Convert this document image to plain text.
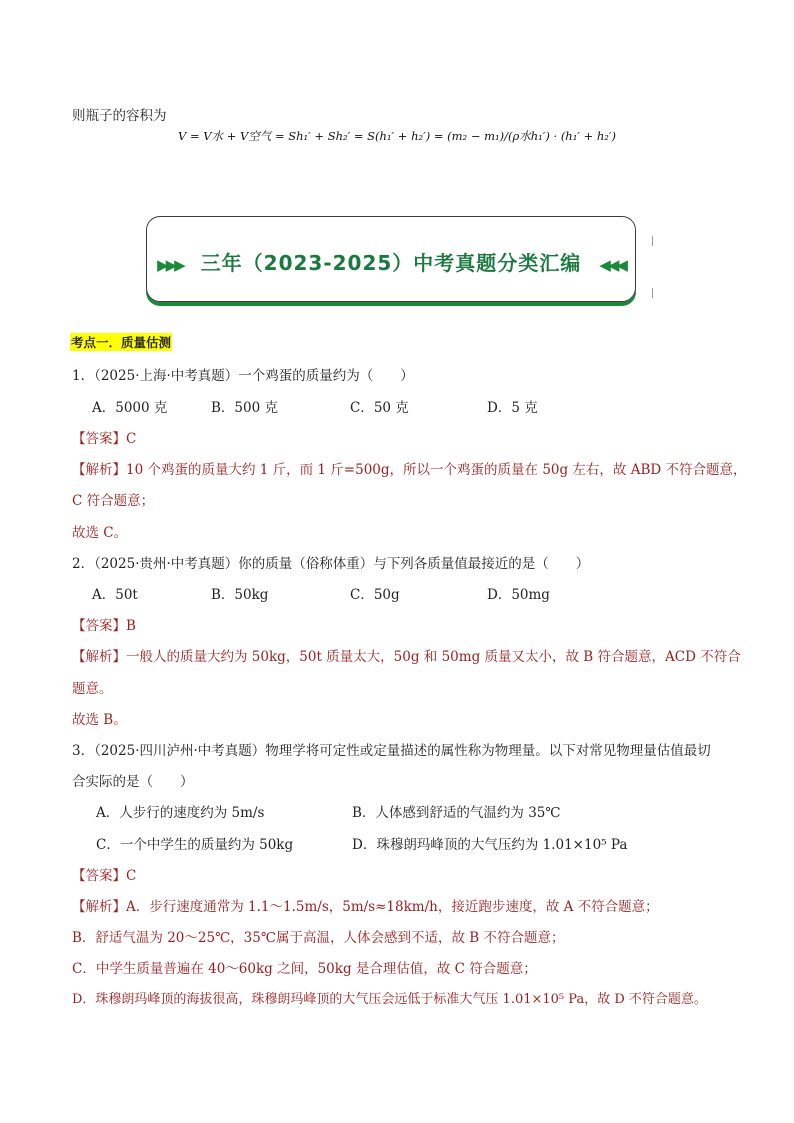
则瓶子的容积为
V = V水 + V空气 = Sh₁′ + Sh₂′ = S(h₁′ + h₂′) = (m₂ − m₁)/(ρ水h₁′) · (h₁′ + h₂′)
▶▶▶ 三年（2023-2025）中考真题分类汇编 ◀◀◀
考点一．质量估测
1．（2025·上海·中考真题）一个鸡蛋的质量约为（　　）
A．5000 克	B．500 克	C．50 克	D．5 克
【答案】C
【解析】10 个鸡蛋的质量大约 1 斤，而 1 斤=500g，所以一个鸡蛋的质量在 50g 左右，故 ABD 不符合题意，
C 符合题意；
故选 C。
2．（2025·贵州·中考真题）你的质量（俗称体重）与下列各质量值最接近的是（　　）
A．50t	B．50kg	C．50g	D．50mg
【答案】B
【解析】一般人的质量大约为 50kg，50t 质量太大，50g 和 50mg 质量又太小，故 B 符合题意，ACD 不符合
题意。
故选 B。
3．（2025·四川泸州·中考真题）物理学将可定性或定量描述的属性称为物理量。以下对常见物理量估值最切
合实际的是（　　）
A．人步行的速度约为 5m/s	B．人体感到舒适的气温约为 35℃
C．一个中学生的质量约为 50kg	D．珠穆朗玛峰顶的大气压约为 1.01×10⁵ Pa
【答案】C
【解析】A．步行速度通常为 1.1～1.5m/s，5m/s≈18km/h，接近跑步速度，故 A 不符合题意；
B．舒适气温为 20～25℃，35℃属于高温，人体会感到不适，故 B 不符合题意；
C．中学生质量普遍在 40～60kg 之间，50kg 是合理估值，故 C 符合题意；
D．珠穆朗玛峰顶的海拔很高，珠穆朗玛峰顶的大气压会远低于标准大气压 1.01×10⁵ Pa，故 D 不符合题意。
